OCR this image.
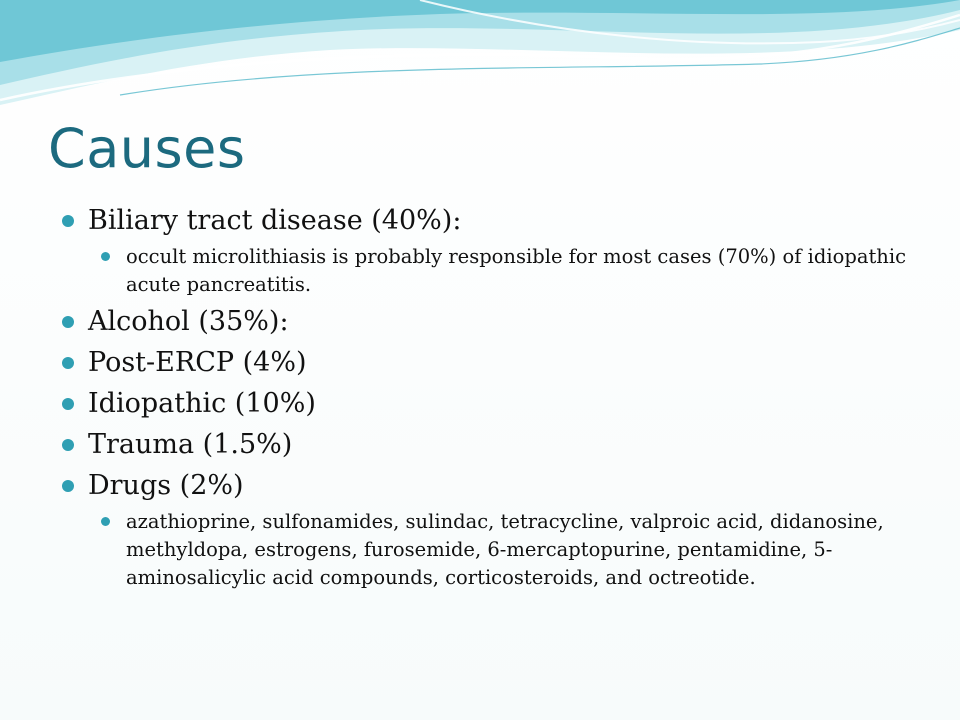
Causes
Biliary tract disease (40%):
occult microlithiasis is probably responsible for most cases (70%) of idiopathic acute pancreatitis.
Alcohol (35%):
Post-ERCP (4%)
Idiopathic (10%)
Trauma (1.5%)
Drugs (2%)
azathioprine, sulfonamides, sulindac, tetracycline, valproic acid, didanosine, methyldopa, estrogens, furosemide, 6-mercaptopurine, pentamidine, 5-aminosalicylic acid compounds, corticosteroids, and octreotide.
